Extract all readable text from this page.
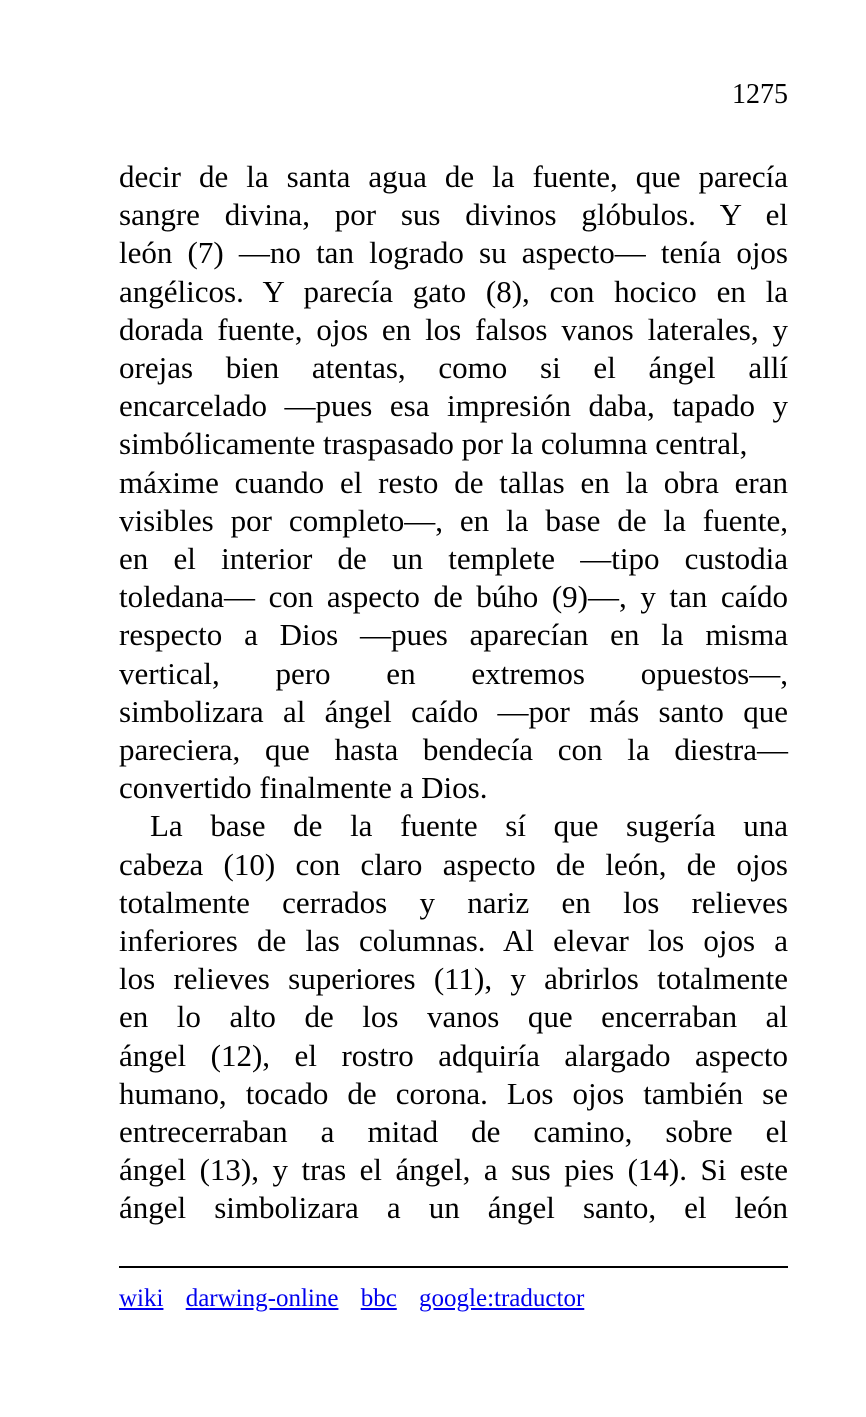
1275

decir de la santa agua de la fuente, que parecía
sangre divina, por sus divinos glóbulos. Y el
león (7) —no tan logrado su aspecto— tenía ojos
angélicos. Y parecía gato (8), con hocico en la
dorada fuente, ojos en los falsos vanos laterales, y
orejas bien atentas, como si el ángel allí
encarcelado —pues esa impresión daba, tapado y
simbólicamente traspasado por la columna central,
máxime cuando el resto de tallas en la obra eran
visibles por completo—, en la base de la fuente,
en el interior de un templete —tipo custodia
toledana— con aspecto de búho (9)—, y tan caído
respecto a Dios —pues aparecían en la misma
vertical, pero en extremos opuestos—,
simbolizara al ángel caído —por más santo que
pareciera, que hasta bendecía con la diestra—
convertido finalmente a Dios.

La base de la fuente sí que sugería una
cabeza (10) con claro aspecto de león, de ojos
totalmente cerrados y nariz en los relieves
inferiores de las columnas. Al elevar los ojos a
los relieves superiores (11), y abrirlos totalmente
en lo alto de los vanos que encerraban al
ángel (12), el rostro adquiría alargado aspecto
humano, tocado de corona. Los ojos también se
entrecerraban a mitad de camino, sobre el
ángel (13), y tras el ángel, a sus pies (14). Si este
ángel simbolizara a un ángel santo, el león

wiki darwing-online bbc google:traductor
